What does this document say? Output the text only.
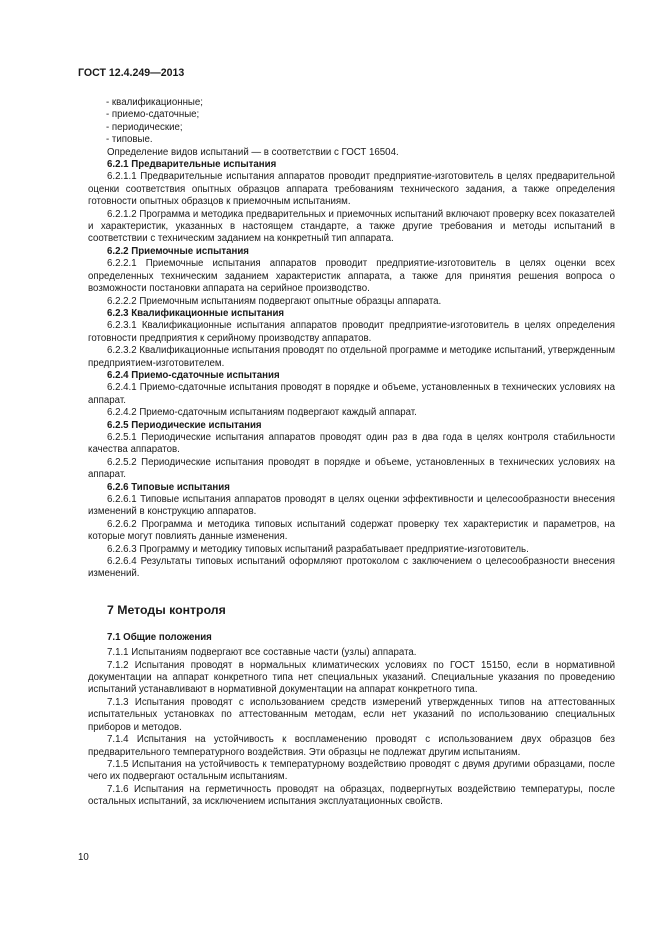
ГОСТ 12.4.249—2013

- квалификационные;

- приемо-сдаточные;

- периодические;

- типовые.

Определение видов испытаний — в соответствии с ГОСТ 16504.

6.2.1 Предварительные испытания

6.2.1.1 Предварительные испытания аппаратов проводит предприятие-изготовитель в целях предварительной оценки соответствия опытных образцов аппарата требованиям технического задания, а также определения готовности опытных образцов к приемочным испытаниям.

6.2.1.2 Программа и методика предварительных и приемочных испытаний включают проверку всех показателей и характеристик, указанных в настоящем стандарте, а также другие требования и методы испытаний в соответствии с техническим заданием на конкретный тип аппарата.

6.2.2 Приемочные испытания

6.2.2.1 Приемочные испытания аппаратов проводит предприятие-изготовитель в целях оценки всех определенных техническим заданием характеристик аппарата, а также для принятия решения вопроса о возможности постановки аппарата на серийное производство.

6.2.2.2 Приемочным испытаниям подвергают опытные образцы аппарата.

6.2.3 Квалификационные испытания

6.2.3.1 Квалификационные испытания аппаратов проводит предприятие-изготовитель в целях определения готовности предприятия к серийному производству аппаратов.

6.2.3.2 Квалификационные испытания проводят по отдельной программе и методике испытаний, утвержденным предприятием-изготовителем.

6.2.4 Приемо-сдаточные испытания

6.2.4.1 Приемо-сдаточные испытания проводят в порядке и объеме, установленных в технических условиях на аппарат.

6.2.4.2 Приемо-сдаточным испытаниям подвергают каждый аппарат.

6.2.5 Периодические испытания

6.2.5.1 Периодические испытания аппаратов проводят один раз в два года в целях контроля стабильности качества аппаратов.

6.2.5.2 Периодические испытания проводят в порядке и объеме, установленных в технических условиях на аппарат.

6.2.6 Типовые испытания

6.2.6.1 Типовые испытания аппаратов проводят в целях оценки эффективности и целесообразности внесения изменений в конструкцию аппаратов.

6.2.6.2 Программа и методика типовых испытаний содержат проверку тех характеристик и параметров, на которые могут повлиять данные изменения.

6.2.6.3 Программу и методику типовых испытаний разрабатывает предприятие-изготовитель.

6.2.6.4 Результаты типовых испытаний оформляют протоколом с заключением о целесообразности внесения изменений.

7 Методы контроля

7.1 Общие положения

7.1.1 Испытаниям подвергают все составные части (узлы) аппарата.

7.1.2 Испытания проводят в нормальных климатических условиях по ГОСТ 15150, если в нормативной документации на аппарат конкретного типа нет специальных указаний. Специальные указания по проведению испытаний устанавливают в нормативной документации на аппарат конкретного типа.

7.1.3 Испытания проводят с использованием средств измерений утвержденных типов на аттестованных испытательных установках по аттестованным методам, если нет указаний по использованию специальных приборов и методов.

7.1.4 Испытания на устойчивость к воспламенению проводят с использованием двух образцов без предварительного температурного воздействия. Эти образцы не подлежат другим испытаниям.

7.1.5 Испытания на устойчивость к температурному воздействию проводят с двумя другими образцами, после чего их подвергают остальным испытаниям.

7.1.6 Испытания на герметичность проводят на образцах, подвергнутых воздействию температуры, после остальных испытаний, за исключением испытания эксплуатационных свойств.

10
